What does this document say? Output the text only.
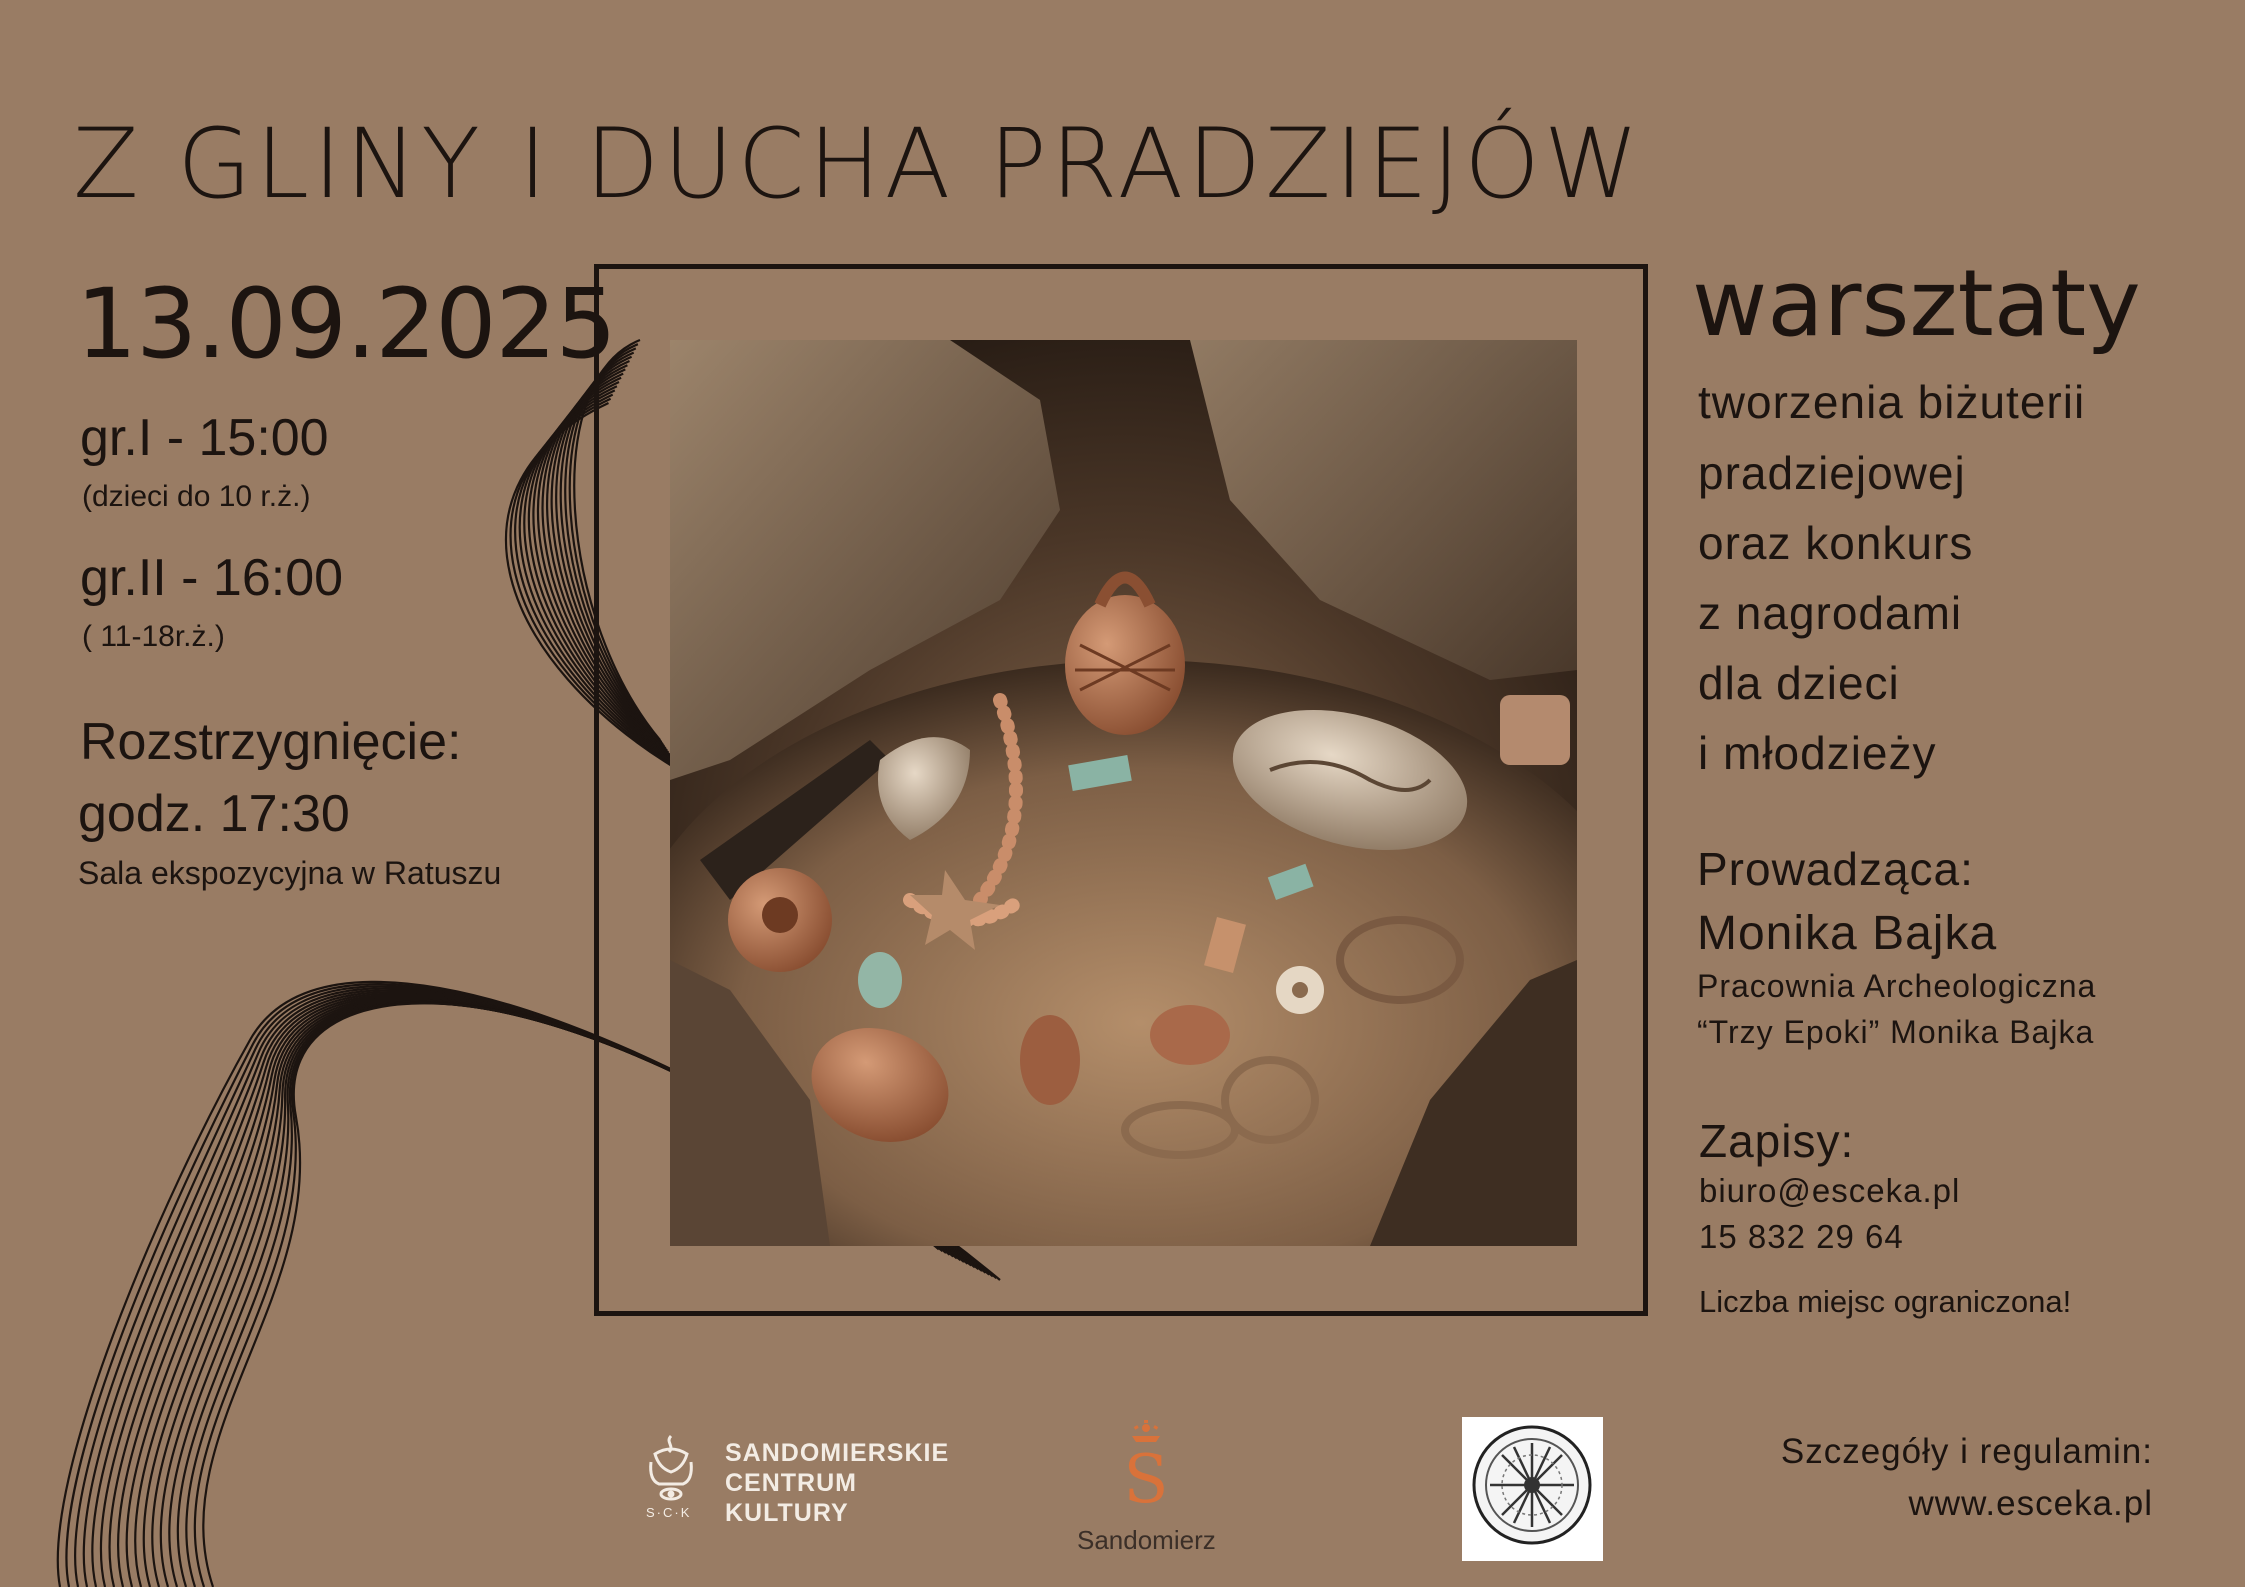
Z GLINY I DUCHA PRADZIEJÓW
13.09.2025
gr.I - 15:00
(dzieci do 10 r.ż.)
gr.II - 16:00
( 11-18r.ż.)
Rozstrzygnięcie:
godz. 17:30
Sala ekspozycyjna w Ratuszu
warsztaty
tworzenia biżuterii
pradziejowej
oraz konkurs
z nagrodami
dla dzieci
i młodzieży
Prowadząca:
Monika Bajka
Pracownia Archeologiczna
“Trzy Epoki” Monika Bajka
Zapisy:
biuro@esceka.pl
15 832 29 64
Liczba miejsc ograniczona!
Szczegóły i regulamin:
www.esceka.pl
S·C·K
SANDOMIERSKIE
CENTRUM
KULTURY	S
Sandomierz
